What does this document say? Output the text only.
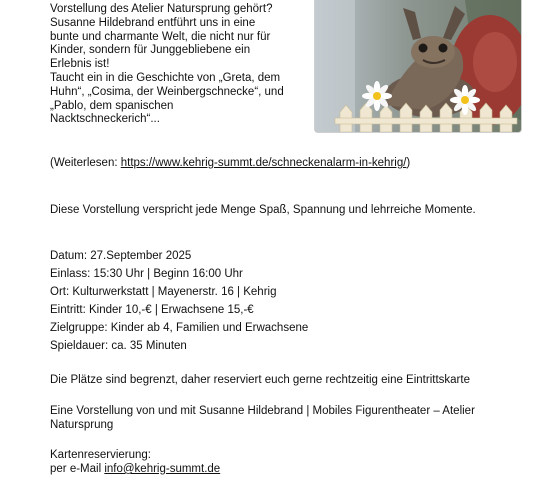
Vorstellung des Atelier Natursprung gehört?

Susanne Hildebrand entführt uns in eine

bunte und charmante Welt, die nicht nur für

Kinder, sondern für Junggebliebene ein

Erlebnis ist!

Taucht ein in die Geschichte von „Greta, dem

Huhn“, „Cosima, der Weinbergschnecke“, und

„Pablo, dem spanischen

Nacktschneckerich“...

(Weiterlesen: https://www.kehrig-summt.de/schneckenalarm-in-kehrig/)
Diese Vorstellung verspricht jede Menge Spaß, Spannung und lehrreiche Momente.
Datum: 27.September 2025
Einlass: 15:30 Uhr | Beginn 16:00 Uhr
Ort: Kulturwerkstatt | Mayenerstr. 16 | Kehrig
Eintritt: Kinder 10,-€ | Erwachsene 15,-€
Zielgruppe: Kinder ab 4, Familien und Erwachsene
Spieldauer: ca. 35 Minuten
Die Plätze sind begrenzt, daher reserviert euch gerne rechtzeitig eine Eintrittskarte
Eine Vorstellung von und mit Susanne Hildebrand | Mobiles Figurentheater – Atelier Natursprung
Kartenreservierung:
per e-Mail info@kehrig-summt.de
